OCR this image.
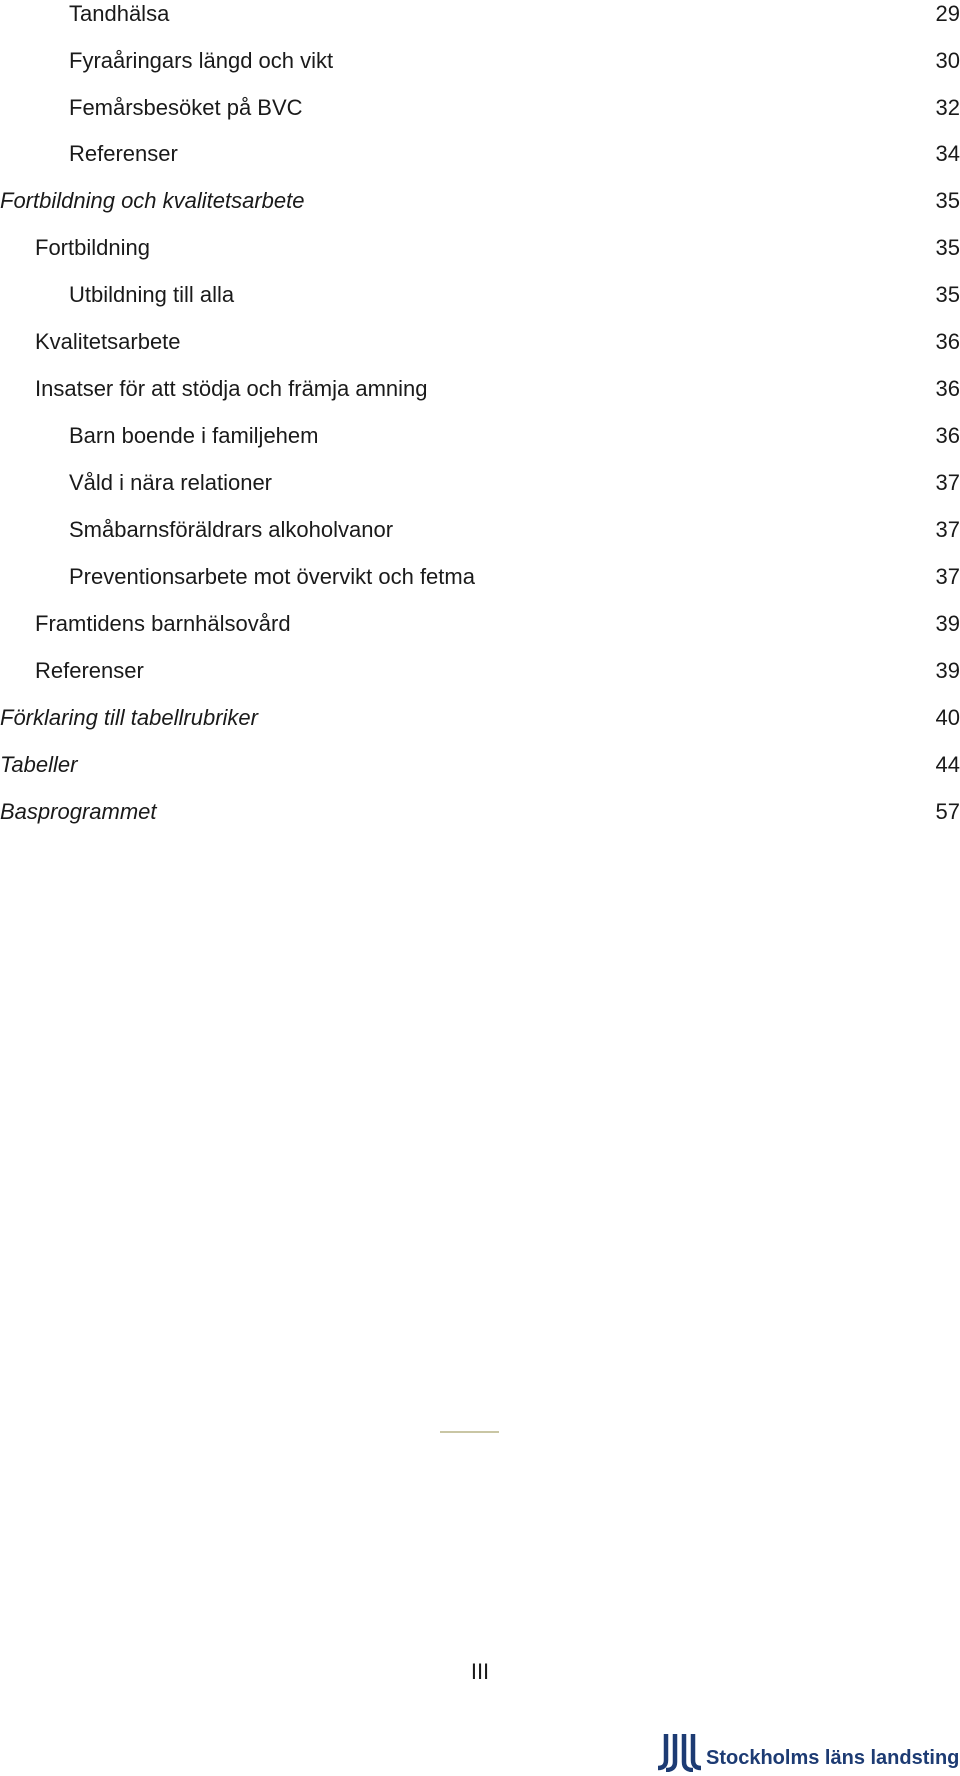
Tandhälsa	29
Fyraåringars längd och vikt	30
Femårsbesöket på BVC	32
Referenser	34
Fortbildning och kvalitetsarbete	35
Fortbildning	35
Utbildning till alla	35
Kvalitetsarbete	36
Insatser för att stödja och främja amning	36
Barn boende i familjehem	36
Våld i nära relationer	37
Småbarnsföräldrars alkoholvanor	37
Preventionsarbete mot övervikt och fetma	37
Framtidens barnhälsovård	39
Referenser	39
Förklaring till tabellrubriker	40
Tabeller	44
Basprogrammet	57
III
Stockholms läns landsting
